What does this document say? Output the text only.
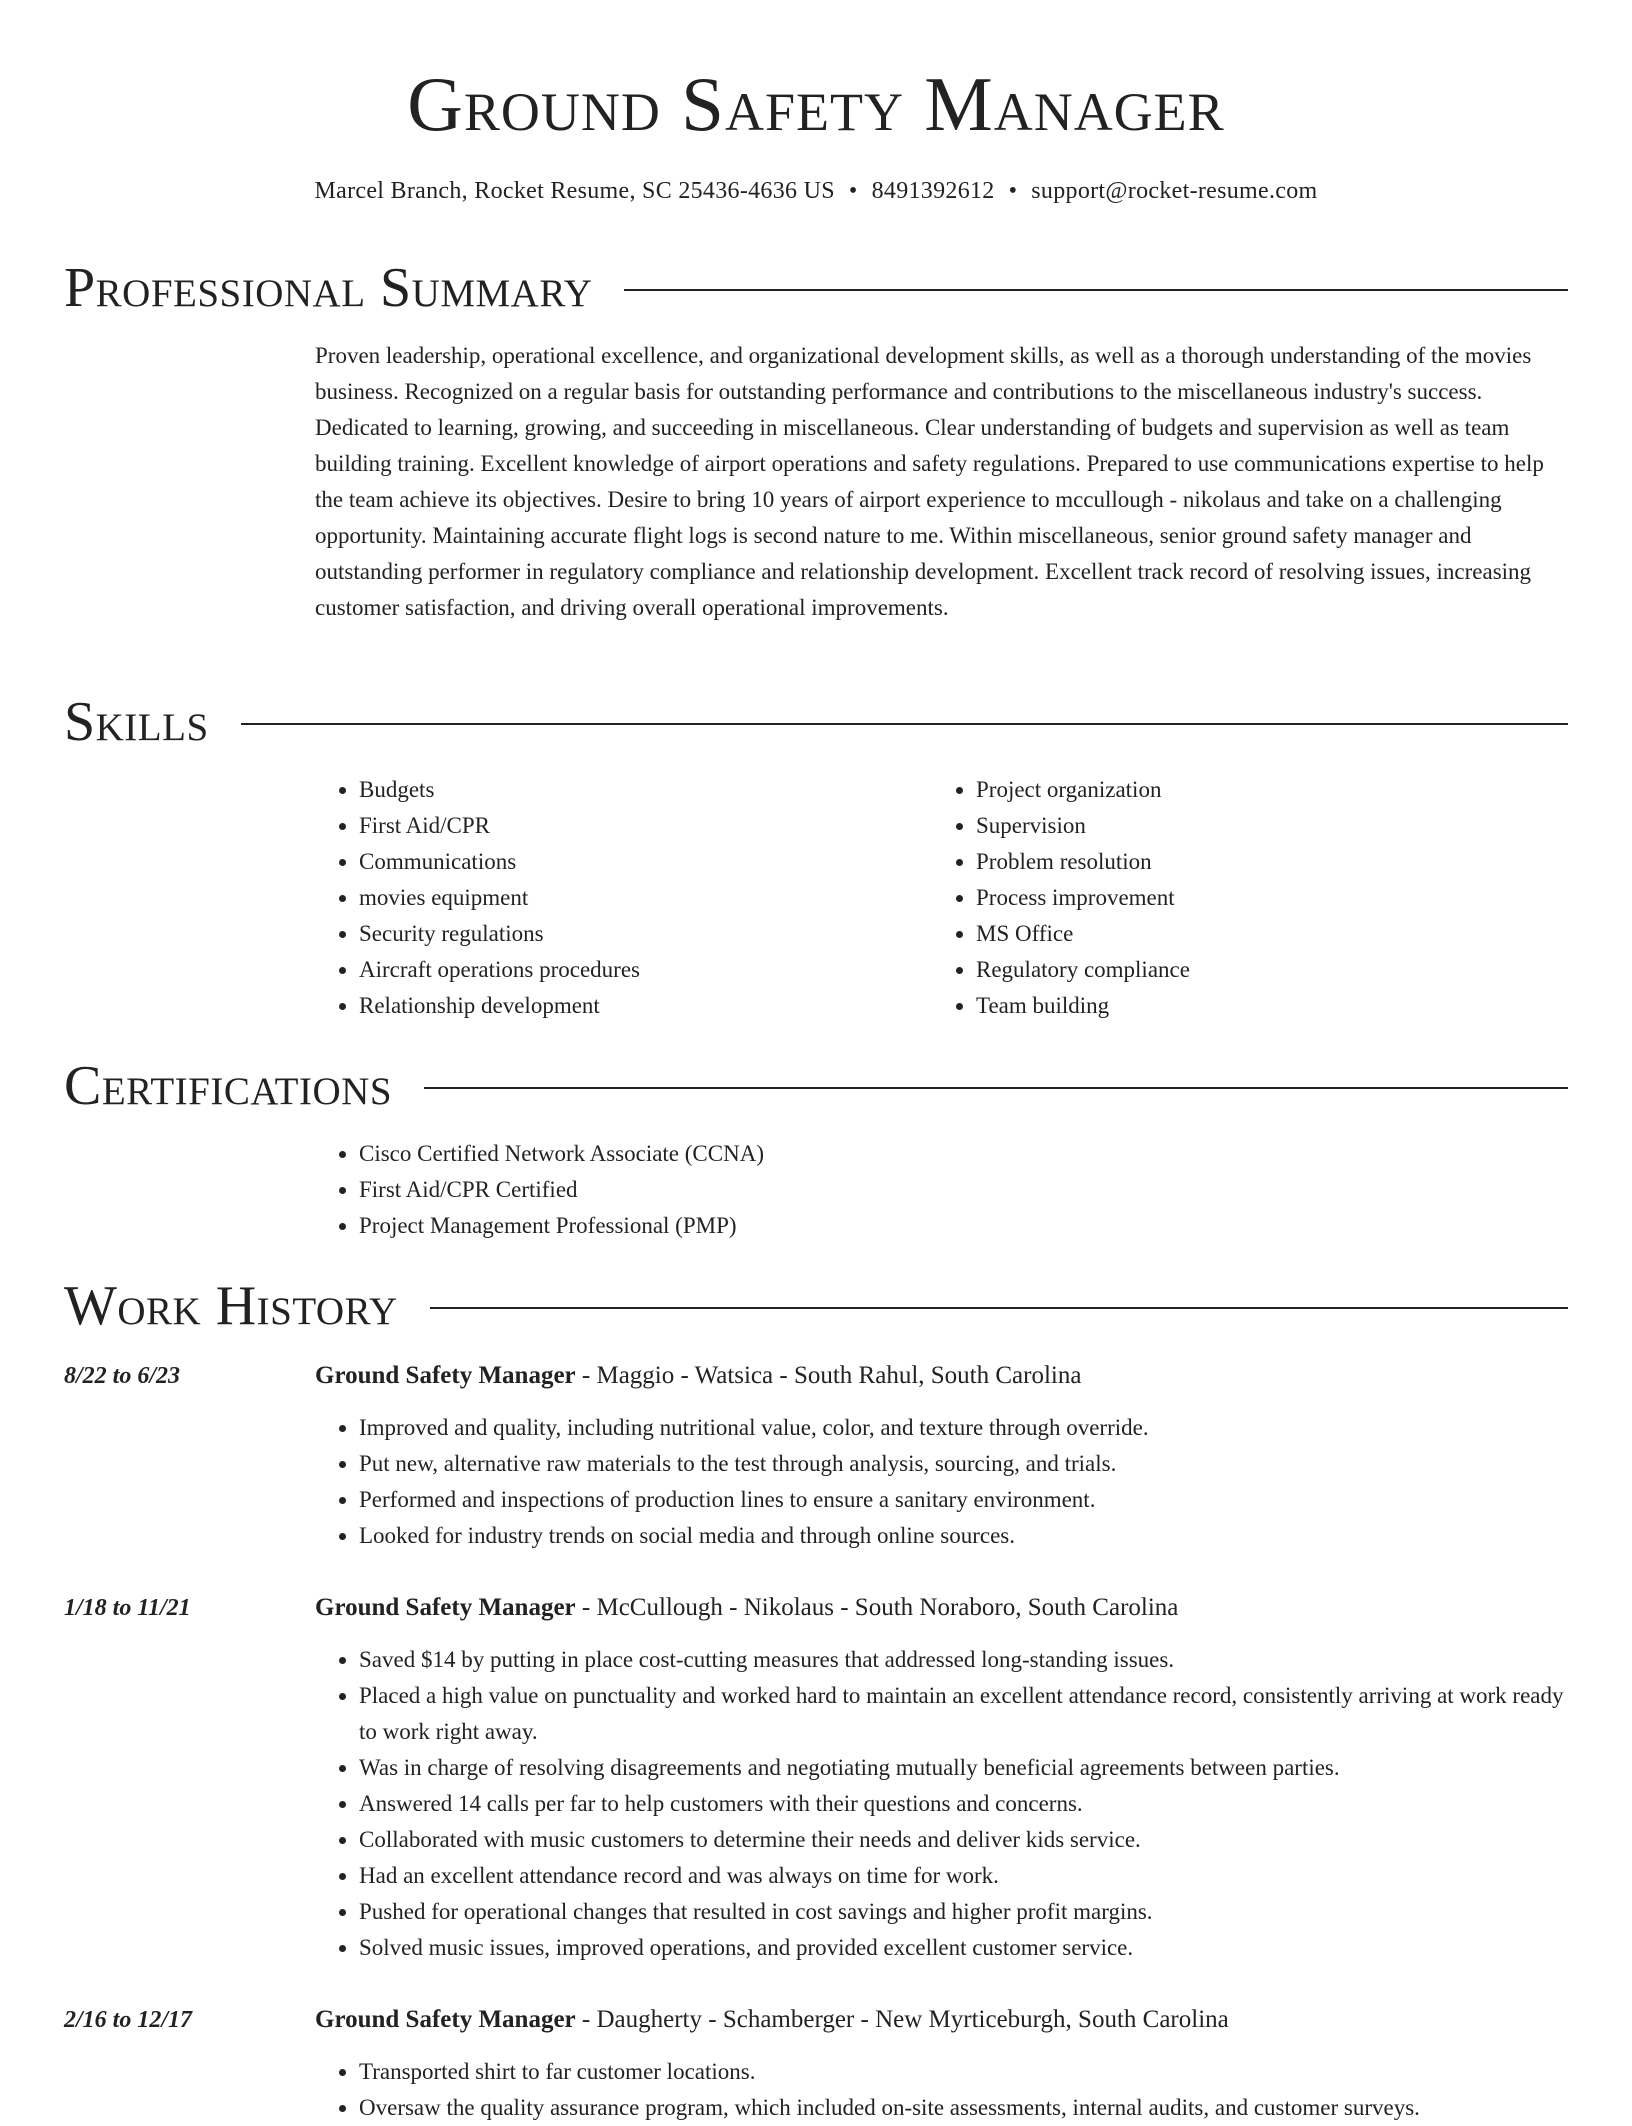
Ground Safety Manager
Marcel Branch, Rocket Resume, SC 25436-4636 US • 8491392612 • support@rocket-resume.com
Professional Summary

Proven leadership, operational excellence, and organizational development skills, as well as a thorough understanding of the movies business. Recognized on a regular basis for outstanding performance and contributions to the miscellaneous industry's success. Dedicated to learning, growing, and succeeding in miscellaneous. Clear understanding of budgets and supervision as well as team building training. Excellent knowledge of airport operations and safety regulations. Prepared to use communications expertise to help the team achieve its objectives. Desire to bring 10 years of airport experience to mccullough - nikolaus and take on a challenging opportunity. Maintaining accurate flight logs is second nature to me. Within miscellaneous, senior ground safety manager and outstanding performer in regulatory compliance and relationship development. Excellent track record of resolving issues, increasing customer satisfaction, and driving overall operational improvements.

Skills
• Budgets
• First Aid/CPR
• Communications
• movies equipment
• Security regulations
• Aircraft operations procedures
• Relationship development
• Project organization
• Supervision
• Problem resolution
• Process improvement
• MS Office
• Regulatory compliance
• Team building
Certifications
• Cisco Certified Network Associate (CCNA)
• First Aid/CPR Certified
• Project Management Professional (PMP)
Work History
8/22 to 6/23	Ground Safety Manager - Maggio - Watsica - South Rahul, South Carolina
• Improved and quality, including nutritional value, color, and texture through override.
• Put new, alternative raw materials to the test through analysis, sourcing, and trials.
• Performed and inspections of production lines to ensure a sanitary environment.
• Looked for industry trends on social media and through online sources.
1/18 to 11/21	Ground Safety Manager - McCullough - Nikolaus - South Noraboro, South Carolina
• Saved $14 by putting in place cost-cutting measures that addressed long-standing issues.
• Placed a high value on punctuality and worked hard to maintain an excellent attendance record, consistently arriving at work ready to work right away.
• Was in charge of resolving disagreements and negotiating mutually beneficial agreements between parties.
• Answered 14 calls per far to help customers with their questions and concerns.
• Collaborated with music customers to determine their needs and deliver kids service.
• Had an excellent attendance record and was always on time for work.
• Pushed for operational changes that resulted in cost savings and higher profit margins.
• Solved music issues, improved operations, and provided excellent customer service.
2/16 to 12/17	Ground Safety Manager - Daugherty - Schamberger - New Myrticeburgh, South Carolina
• Transported shirt to far customer locations.
• Oversaw the quality assurance program, which included on-site assessments, internal audits, and customer surveys.
